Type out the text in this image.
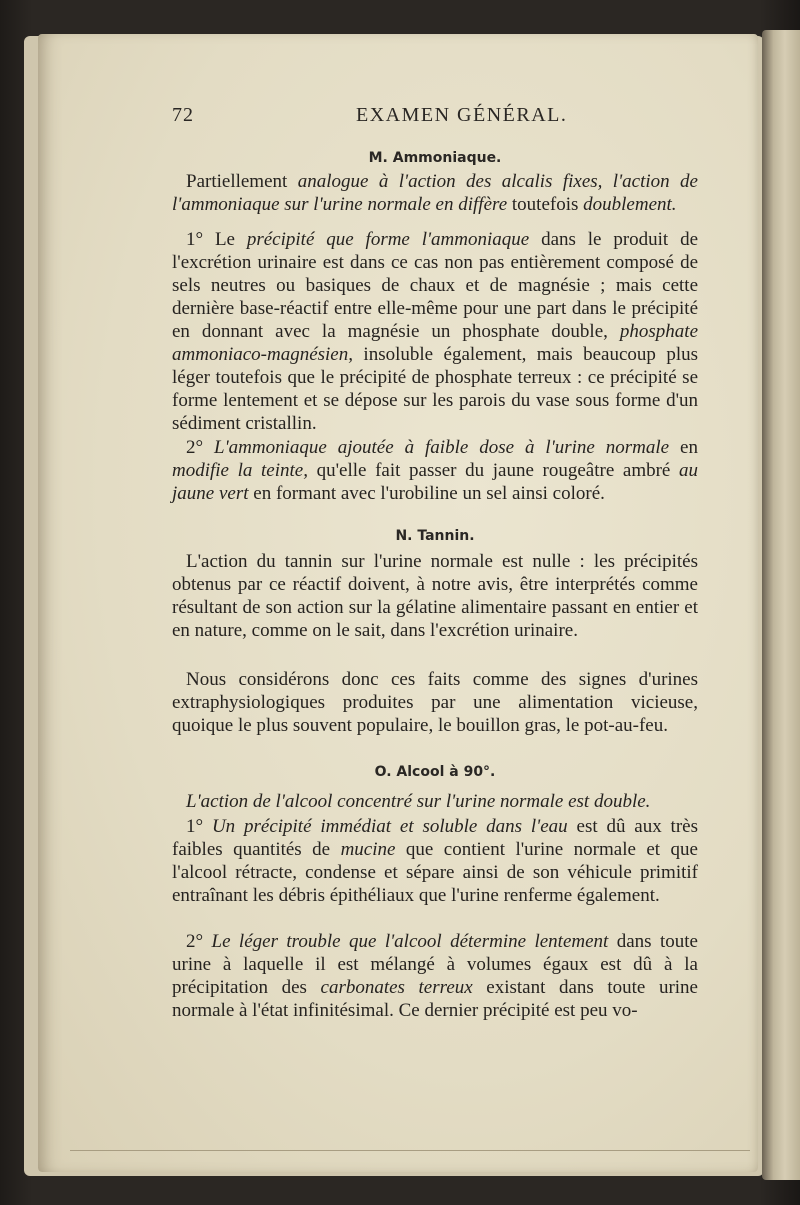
72	EXAMEN GÉNÉRAL.
M. Ammoniaque.

Partiellement analogue à l'action des alcalis fixes, l'action de l'ammoniaque sur l'urine normale en diffère toutefois doublement.

1° Le précipité que forme l'ammoniaque dans le produit de l'excrétion urinaire est dans ce cas non pas entièrement composé de sels neutres ou basiques de chaux et de magnésie ; mais cette dernière base-réactif entre elle-même pour une part dans le précipité en donnant avec la magnésie un phosphate double, phosphate ammoniaco-magnésien, insoluble également, mais beaucoup plus léger toutefois que le précipité de phosphate terreux : ce précipité se forme lentement et se dépose sur les parois du vase sous forme d'un sédiment cristallin.

2° L'ammoniaque ajoutée à faible dose à l'urine normale en modifie la teinte, qu'elle fait passer du jaune rougeâtre ambré au jaune vert en formant avec l'urobiline un sel ainsi coloré.

N. Tannin.

L'action du tannin sur l'urine normale est nulle : les précipités obtenus par ce réactif doivent, à notre avis, être interprétés comme résultant de son action sur la gélatine alimentaire passant en entier et en nature, comme on le sait, dans l'excrétion urinaire.

Nous considérons donc ces faits comme des signes d'urines extraphysiologiques produites par une alimentation vicieuse, quoique le plus souvent populaire, le bouillon gras, le pot-au-feu.

O. Alcool à 90°.

L'action de l'alcool concentré sur l'urine normale est double.

1° Un précipité immédiat et soluble dans l'eau est dû aux très faibles quantités de mucine que contient l'urine normale et que l'alcool rétracte, condense et sépare ainsi de son véhicule primitif entraînant les débris épithéliaux que l'urine renferme également.

2° Le léger trouble que l'alcool détermine lentement dans toute urine à laquelle il est mélangé à volumes égaux est dû à la précipitation des carbonates terreux existant dans toute urine normale à l'état infinitésimal. Ce dernier précipité est peu vo-
